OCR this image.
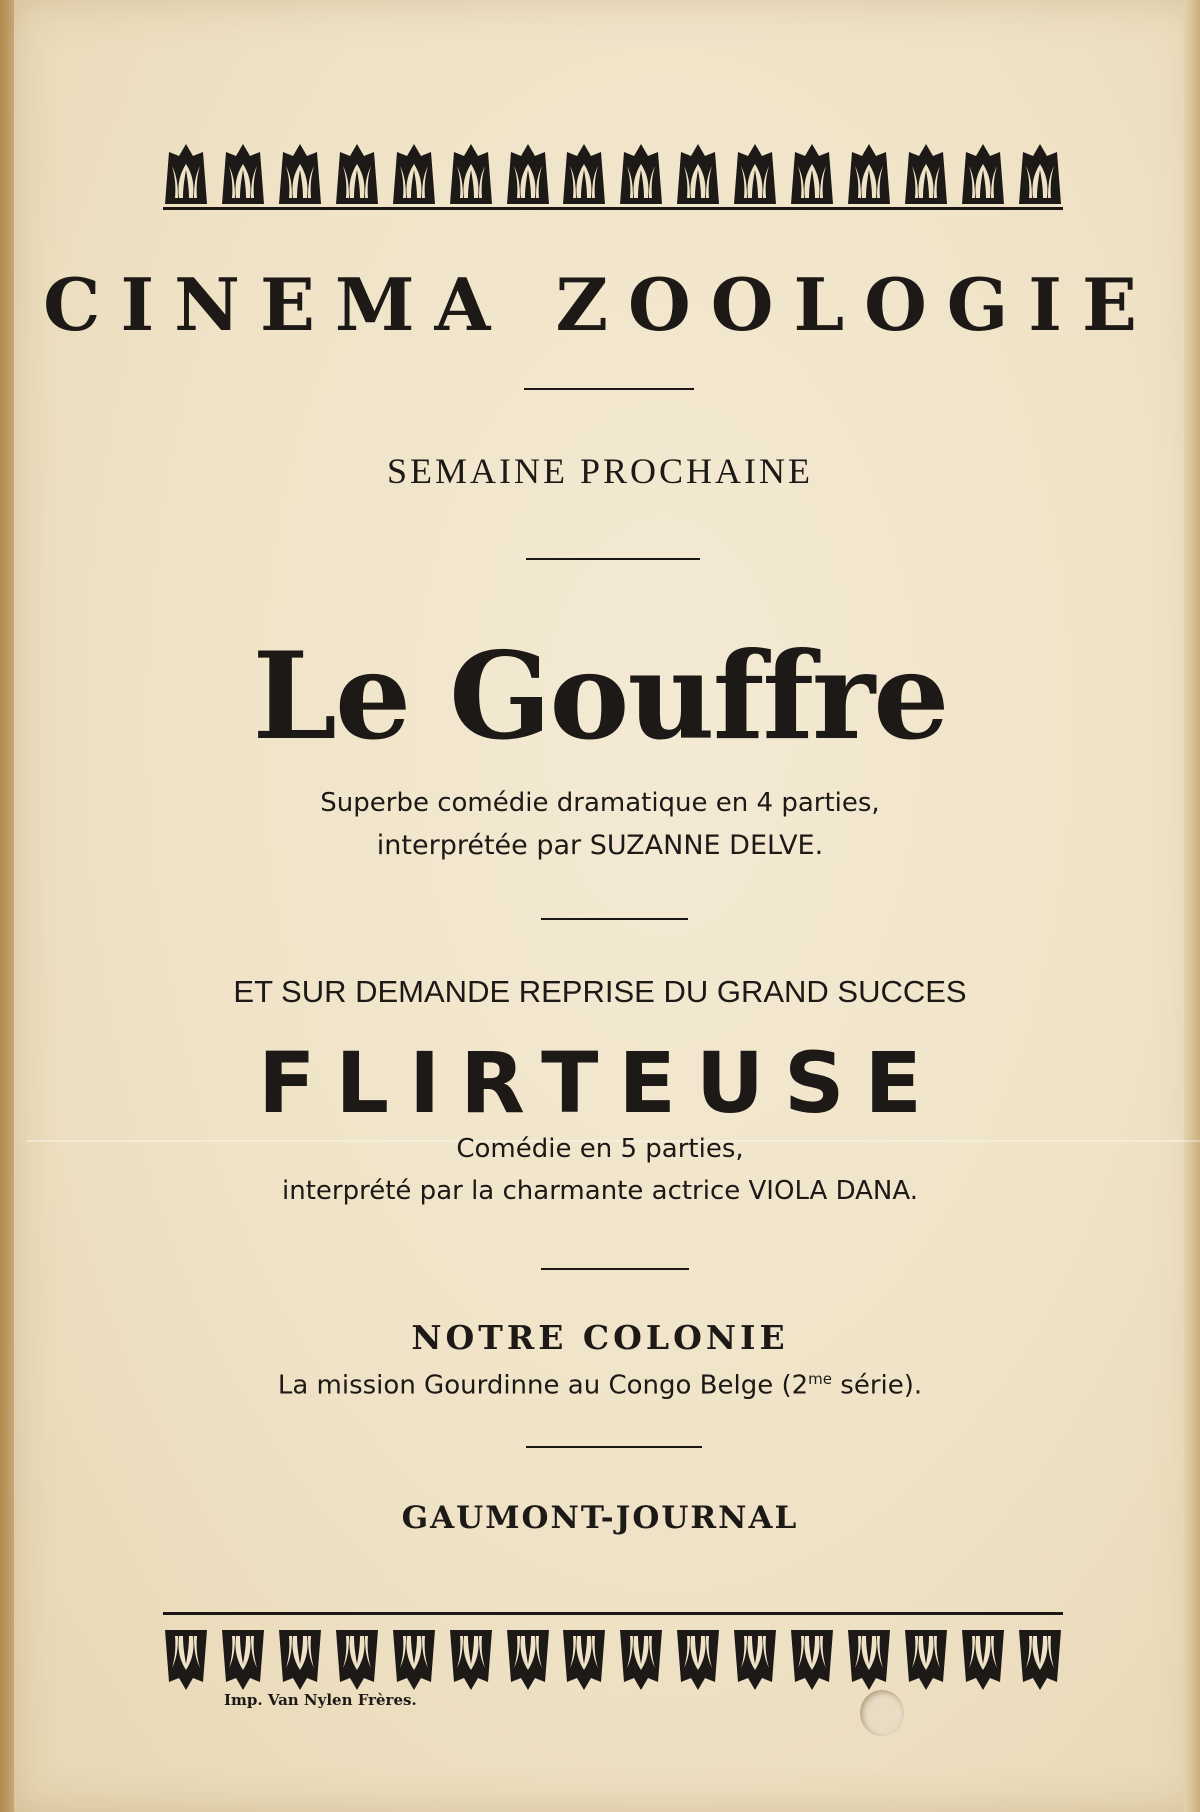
CINEMA ZOOLOGIE
SEMAINE PROCHAINE
Le Gouffre
Superbe comédie dramatique en 4 parties,
interprétée par SUZANNE DELVE.
ET SUR DEMANDE REPRISE DU GRAND SUCCES
FLIRTEUSE
Comédie en 5 parties,
interprété par la charmante actrice VIOLA DANA.
NOTRE COLONIE
La mission Gourdinne au Congo Belge ($2^{me}$ série).
GAUMONT-JOURNAL
Imp. Van Nylen Frères.
